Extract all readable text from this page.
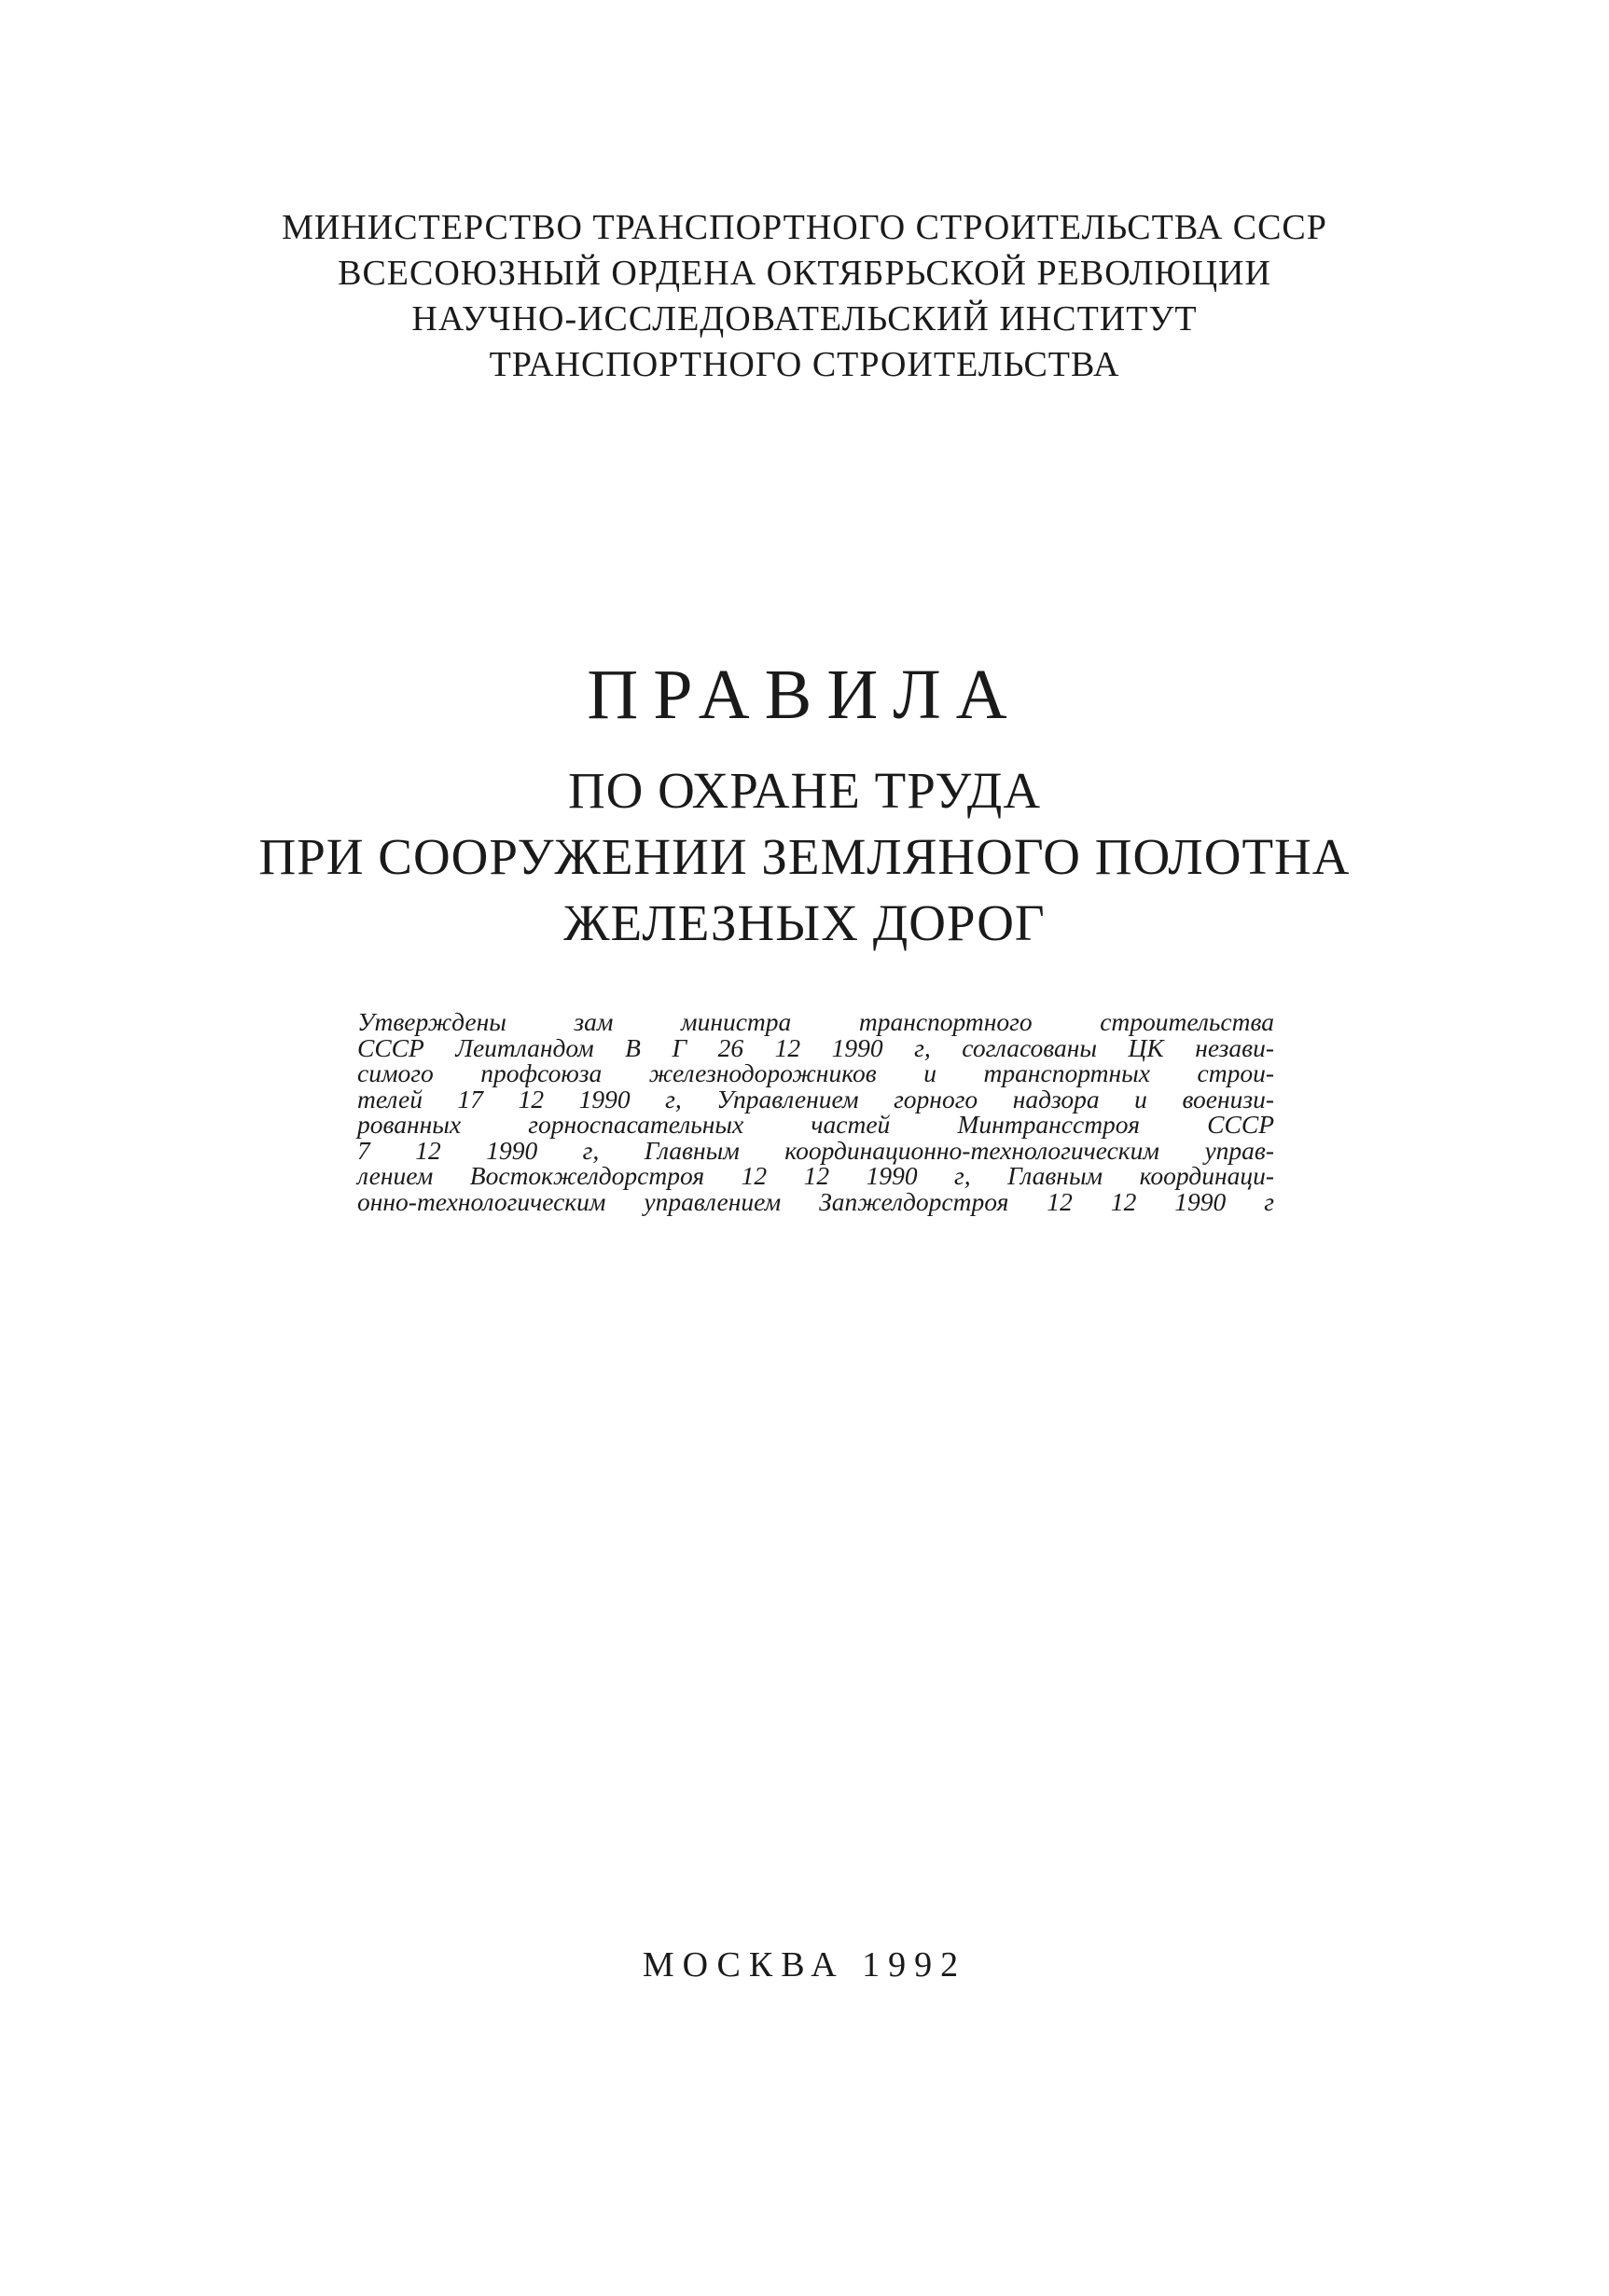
МИНИСТЕРСТВО ТРАНСПОРТНОГО СТРОИТЕЛЬСТВА СССР
ВСЕСОЮЗНЫЙ ОРДЕНА ОКТЯБРЬСКОЙ РЕВОЛЮЦИИ
НАУЧНО-ИССЛЕДОВАТЕЛЬСКИЙ ИНСТИТУТ
ТРАНСПОРТНОГО СТРОИТЕЛЬСТВА
ПРАВИЛА
ПО ОХРАНЕ ТРУДА
ПРИ СООРУЖЕНИИ ЗЕМЛЯНОГО ПОЛОТНА
ЖЕЛЕЗНЫХ ДОРОГ
Утверждены зам министра транспортного строительства
СССР Леитландом В Г 26 12 1990 г, согласованы ЦК незави-
симого профсоюза железнодорожников и транспортных строи-
телей 17 12 1990 г, Управлением горного надзора и военизи-
рованных горноспасательных частей Минтрансстроя СССР
7 12 1990 г, Главным координационно-технологическим управ-
лением Востокжелдорстроя 12 12 1990 г, Главным координаци-
онно-технологическим управлением Запжелдорстроя 12 12 1990 г
МОСКВА 1992
